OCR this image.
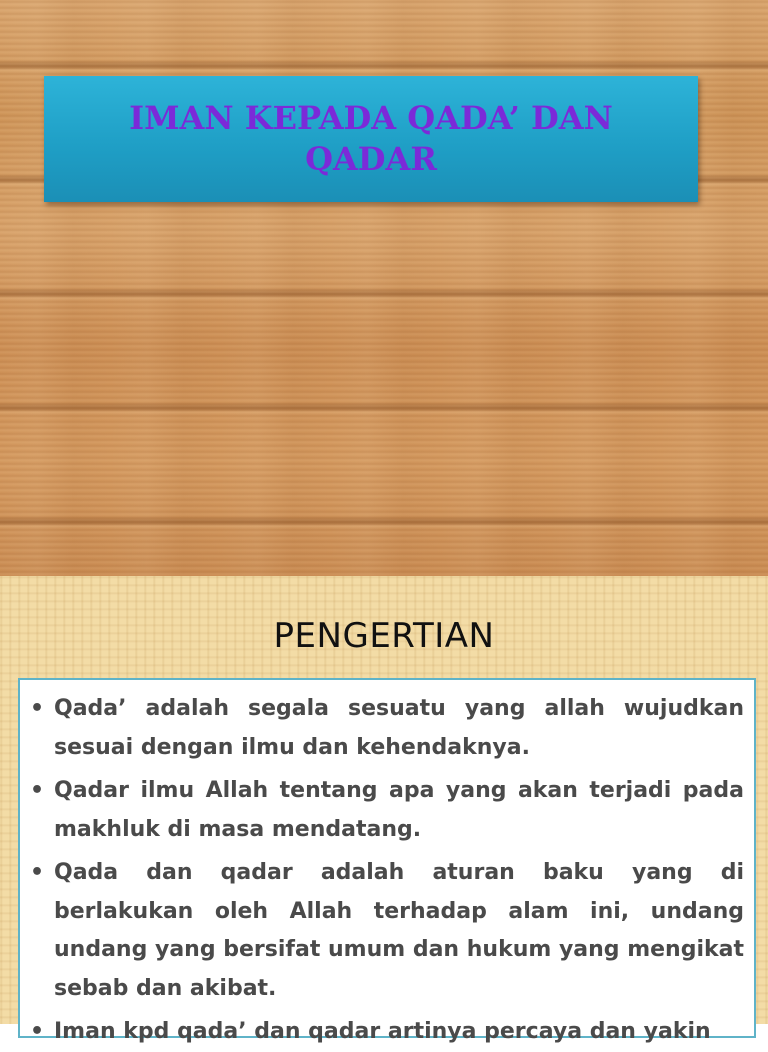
IMAN KEPADA QADA’ DAN QADAR
PENGERTIAN
• Qada’ adalah segala sesuatu yang allah wujudkan sesuai dengan ilmu dan kehendaknya.
• Qadar ilmu Allah tentang apa yang akan terjadi pada makhluk di masa mendatang.
• Qada dan qadar adalah aturan baku yang di berlakukan oleh Allah terhadap alam ini, undang undang yang bersifat umum dan hukum yang mengikat sebab dan akibat.
• Iman kpd qada’ dan qadar artinya percaya dan yakin
